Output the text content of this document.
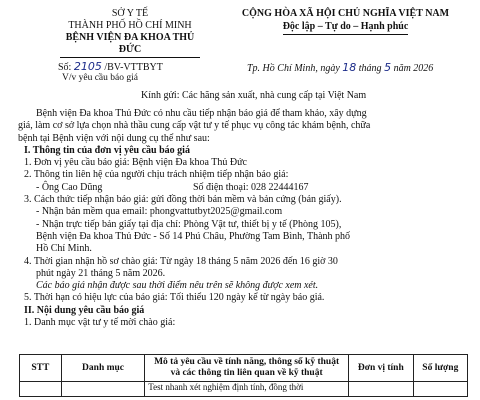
SỞ Y TẾ
THÀNH PHỐ HỒ CHÍ MINH
BỆNH VIỆN ĐA KHOA THỦ ĐỨC
Số: 2105 /BV-VTTBYT
V/v yêu cầu báo giá
CỘNG HÒA XÃ HỘI CHỦ NGHĨA VIỆT NAM
Độc lập – Tự do – Hạnh phúc
Tp. Hồ Chí Minh, ngày 18 tháng 5 năm 2026
Kính gửi: Các hãng sản xuất, nhà cung cấp tại Việt Nam
Bệnh viện Đa khoa Thủ Đức có nhu cầu tiếp nhận báo giá để tham khảo, xây dựng
giá, làm cơ sở lựa chọn nhà thầu cung cấp vật tư y tế phục vụ công tác khám bệnh, chữa
bệnh tại Bệnh viện với nội dung cụ thể như sau:
I. Thông tin của đơn vị yêu cầu báo giá
1. Đơn vị yêu cầu báo giá: Bệnh viện Đa khoa Thủ Đức
2. Thông tin liên hệ của người chịu trách nhiệm tiếp nhận báo giá:
- Ông Cao Dũng	Số điện thoại: 028 22444167
3. Cách thức tiếp nhận báo giá: gửi đồng thời bản mềm và bản cứng (bản giấy).
- Nhận bản mềm qua email: phongvattutbyt2025@gmail.com
- Nhận trực tiếp bản giấy tại địa chỉ: Phòng Vật tư, thiết bị y tế (Phòng 105),
Bệnh viện Đa khoa Thủ Đức - Số 14 Phú Châu, Phường Tam Bình, Thành phố
Hồ Chí Minh.
4. Thời gian nhận hồ sơ chào giá: Từ ngày 18 tháng 5 năm 2026 đến 16 giờ 30
phút ngày 21 tháng 5 năm 2026.
Các báo giá nhận được sau thời điểm nêu trên sẽ không được xem xét.
5. Thời hạn có hiệu lực của báo giá: Tối thiểu 120 ngày kể từ ngày báo giá.
II. Nội dung yêu cầu báo giá
1. Danh mục vật tư y tế mời chào giá:
STT	Danh mục	Mô tả yêu cầu về tính năng, thông số kỹ thuật và các thông tin liên quan về kỹ thuật	Đơn vị tính	Số lượng
		Test nhanh xét nghiệm định tính, đồng thời		
